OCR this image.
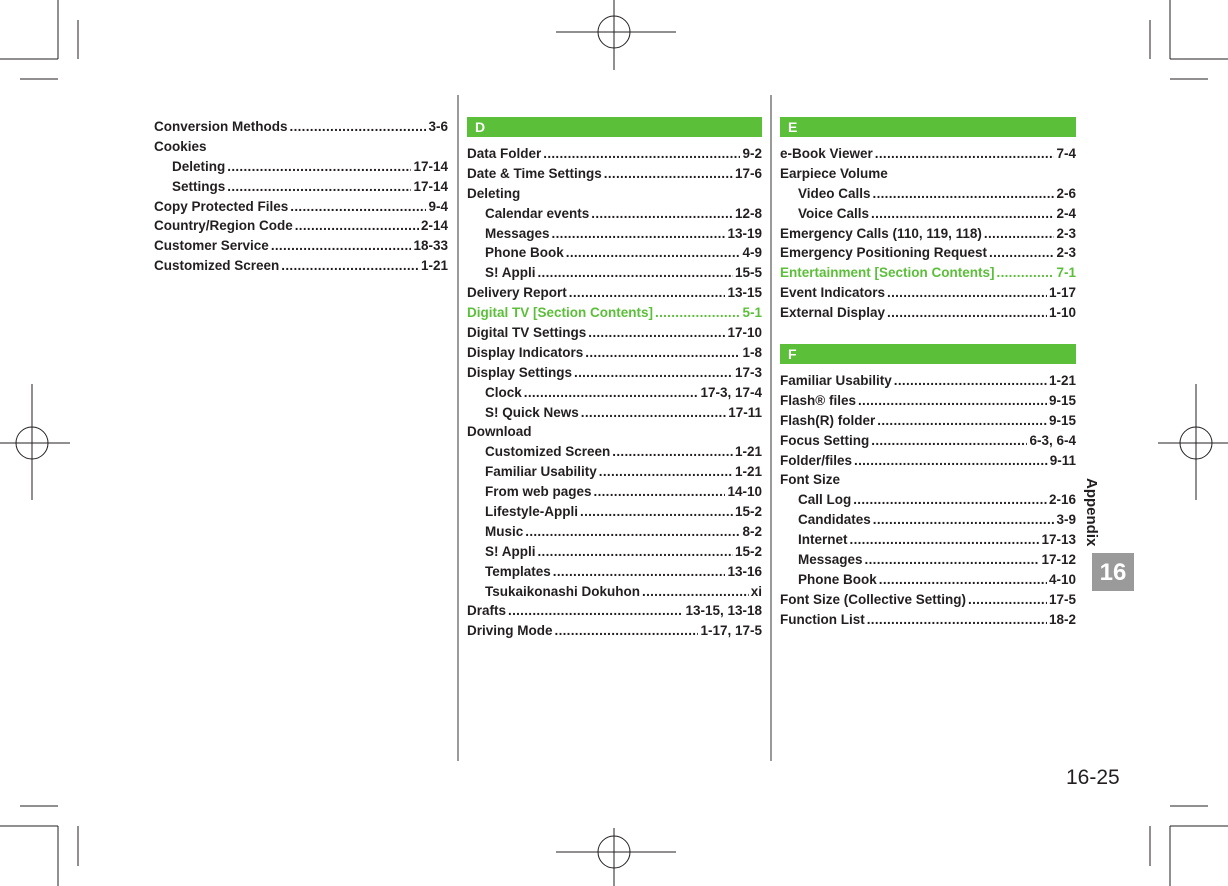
Conversion Methods .....	3-6
Cookies
Deleting .....	17-14
Settings .....	17-14
Copy Protected Files .....	9-4
Country/Region Code .....	2-14
Customer Service .....	18-33
Customized Screen .....	1-21
D
Data Folder .....	9-2
Date & Time Settings .....	17-6
Deleting
Calendar events .....	12-8
Messages .....	13-19
Phone Book .....	4-9
S! Appli .....	15-5
Delivery Report .....	13-15
Digital TV [Section Contents] .....	5-1
Digital TV Settings .....	17-10
Display Indicators .....	1-8
Display Settings .....	17-3
Clock .....	17-3, 17-4
S! Quick News .....	17-11
Download
Customized Screen .....	1-21
Familiar Usability .....	1-21
From web pages .....	14-10
Lifestyle-Appli .....	15-2
Music .....	8-2
S! Appli .....	15-2
Templates .....	13-16
Tsukaikonashi Dokuhon .....	xi
Drafts .....	13-15, 13-18
Driving Mode .....	1-17, 17-5
E
e-Book Viewer .....	7-4
Earpiece Volume
Video Calls .....	2-6
Voice Calls .....	2-4
Emergency Calls (110, 119, 118) .....	2-3
Emergency Positioning Request .....	2-3
Entertainment [Section Contents] .....	7-1
Event Indicators .....	1-17
External Display .....	1-10
F
Familiar Usability .....	1-21
Flash® files .....	9-15
Flash(R) folder .....	9-15
Focus Setting .....	6-3, 6-4
Folder/files .....	9-11
Font Size
Call Log .....	2-16
Candidates .....	3-9
Internet .....	17-13
Messages .....	17-12
Phone Book .....	4-10
Font Size (Collective Setting) .....	17-5
Function List .....	18-2
Appendix
16
16-25
